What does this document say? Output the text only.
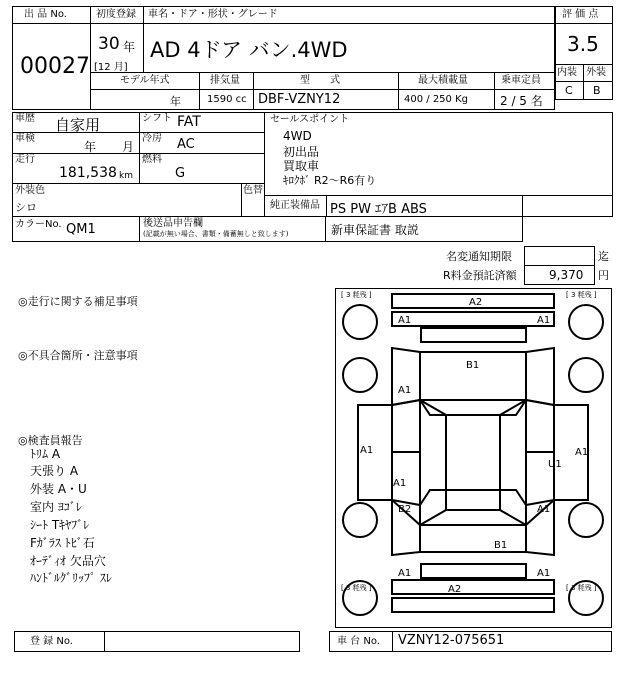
出 品 No.
00027
初度登録 車名・ドア・形状・グレード
30 年
[12 月]
AD 4ドア バン.4WD
評 価 点
3.5
内装 外装
C B
モデル年式	排気量	型　　式	最大積載量	乗車定員
年	1590 cc DBF-VZNY12	400 / 250 Kg	2 / 5 名
車歴 自家用	シフト FAT
車検
年 月
冷房 AC
走行
181,538 km
燃料
G
セールスポイント
4WD
初出品
買取車
ｷﾛｸﾎﾞ R2～R6有り
外装色
シロ
色替
純正装備品 PS PW ｴｱB ABS
カラーNo. QM1	後送品申告欄
(記載が無い場合、書類・備蓄無しと致します)	新車保証書 取説
名変通知期限	迄
R料金預託済額	9,370 円
◎走行に関する補足事項
◎不具合箇所・注意事項
◎検査員報告
ﾄﾘﾑ A
天張り A
外装 A・U
室内 ﾖｺﾞﾚ
ｼｰﾄ Tｷﾔﾌﾞﾚ
Fｶﾞﾗｽ ﾄﾋﾞ石
ｵｰﾃﾞｨｵ 欠品穴
ﾊﾝﾄﾞﾙｸﾞﾘｯﾌﾟ ｽﾚ
A2
A1	A1
B1
A1
A1
U1
A1
A1
B2	A1
B1
A1	A1
A2
[ 3 粍残 ]	[ 3 粍残 ]
[ 3 粍残 ]	[ 3 粍残 ]
登 録 No.	車 台 No. VZNY12-075651
